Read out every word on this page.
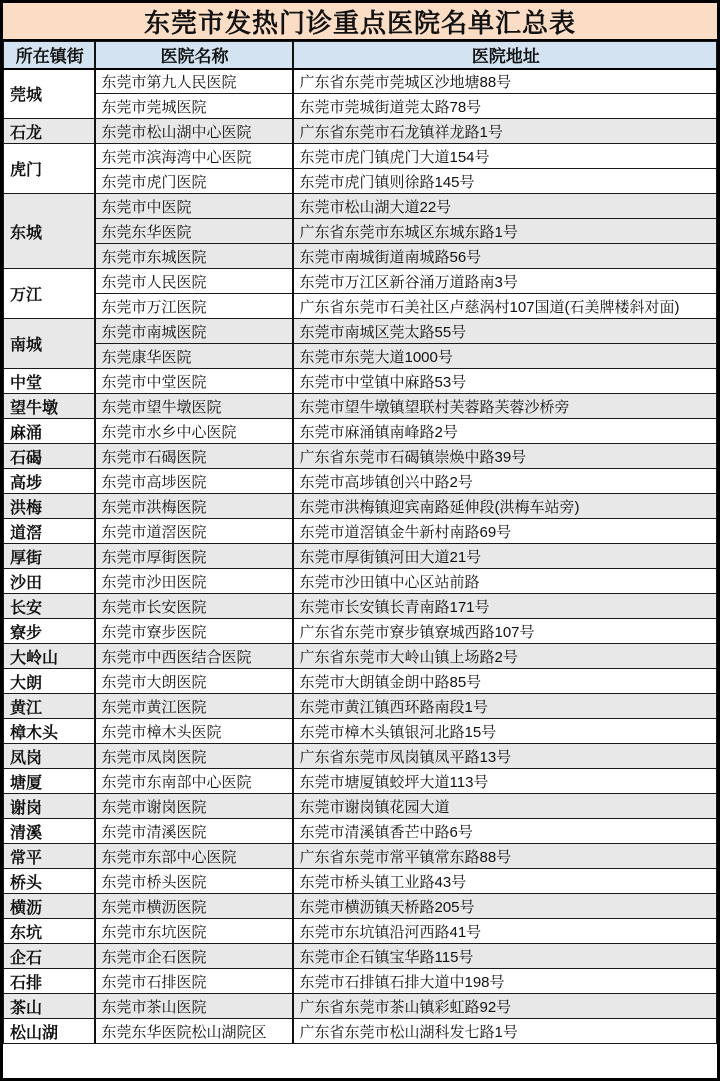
东莞市发热门诊重点医院名单汇总表
所在镇街	医院名称	医院地址
莞城	东莞市第九人民医院	广东省东莞市莞城区沙地塘88号
	东莞市莞城医院	东莞市莞城街道莞太路78号
石龙	东莞市松山湖中心医院	广东省东莞市石龙镇祥龙路1号
虎门	东莞市滨海湾中心医院	东莞市虎门镇虎门大道154号
	东莞市虎门医院	东莞市虎门镇则徐路145号
东城	东莞市中医院	东莞市松山湖大道22号
	东莞东华医院	广东省东莞市东城区东城东路1号
	东莞市东城医院	东莞市南城街道南城路56号
万江	东莞市人民医院	东莞市万江区新谷涌万道路南3号
	东莞市万江医院	广东省东莞市石美社区卢慈涡村107国道(石美牌楼斜对面)
南城	东莞市南城医院	东莞市南城区莞太路55号
	东莞康华医院	东莞市东莞大道1000号
中堂	东莞市中堂医院	东莞市中堂镇中麻路53号
望牛墩	东莞市望牛墩医院	东莞市望牛墩镇望联村芙蓉路芙蓉沙桥旁
麻涌	东莞市水乡中心医院	东莞市麻涌镇南峰路2号
石碣	东莞市石碣医院	广东省东莞市石碣镇崇焕中路39号
高埗	东莞市高埗医院	东莞市高埗镇创兴中路2号
洪梅	东莞市洪梅医院	东莞市洪梅镇迎宾南路延伸段(洪梅车站旁)
道滘	东莞市道滘医院	东莞市道滘镇金牛新村南路69号
厚街	东莞市厚街医院	东莞市厚街镇河田大道21号
沙田	东莞市沙田医院	东莞市沙田镇中心区站前路
长安	东莞市长安医院	东莞市长安镇长青南路171号
寮步	东莞市寮步医院	广东省东莞市寮步镇寮城西路107号
大岭山	东莞市中西医结合医院	广东省东莞市大岭山镇上场路2号
大朗	东莞市大朗医院	东莞市大朗镇金朗中路85号
黄江	东莞市黄江医院	东莞市黄江镇西环路南段1号
樟木头	东莞市樟木头医院	东莞市樟木头镇银河北路15号
凤岗	东莞市凤岗医院	广东省东莞市凤岗镇凤平路13号
塘厦	东莞市东南部中心医院	东莞市塘厦镇蛟坪大道113号
谢岗	东莞市谢岗医院	东莞市谢岗镇花园大道
清溪	东莞市清溪医院	东莞市清溪镇香芒中路6号
常平	东莞市东部中心医院	广东省东莞市常平镇常东路88号
桥头	东莞市桥头医院	东莞市桥头镇工业路43号
横沥	东莞市横沥医院	东莞市横沥镇天桥路205号
东坑	东莞市东坑医院	东莞市东坑镇沿河西路41号
企石	东莞市企石医院	东莞市企石镇宝华路115号
石排	东莞市石排医院	东莞市石排镇石排大道中198号
茶山	东莞市茶山医院	广东省东莞市茶山镇彩虹路92号
松山湖	东莞东华医院松山湖院区	广东省东莞市松山湖科发七路1号
